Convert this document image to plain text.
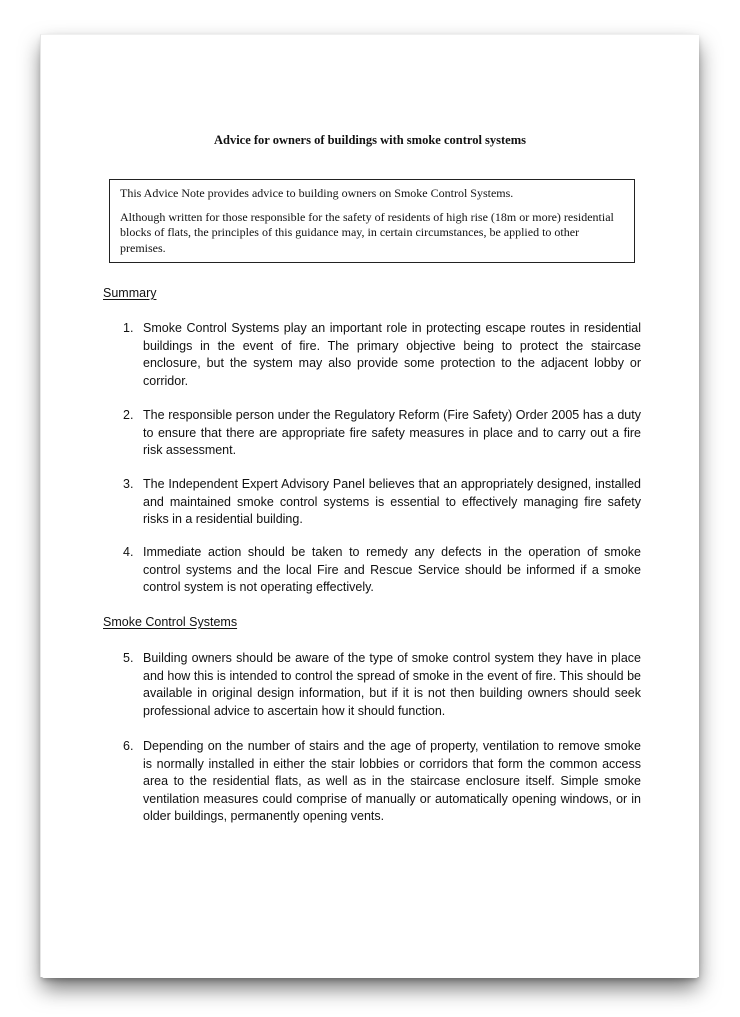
Advice for owners of buildings with smoke control systems

This Advice Note provides advice to building owners on Smoke Control Systems.

Although written for those responsible for the safety of residents of high rise (18m or more) residential blocks of flats, the principles of this guidance may, in certain circumstances, be applied to other premises.

Summary
1. Smoke Control Systems play an important role in protecting escape routes in residential buildings in the event of fire. The primary objective being to protect the staircase enclosure, but the system may also provide some protection to the adjacent lobby or corridor.
2. The responsible person under the Regulatory Reform (Fire Safety) Order 2005 has a duty to ensure that there are appropriate fire safety measures in place and to carry out a fire risk assessment.
3. The Independent Expert Advisory Panel believes that an appropriately designed, installed and maintained smoke control systems is essential to effectively managing fire safety risks in a residential building.
4. Immediate action should be taken to remedy any defects in the operation of smoke control systems and the local Fire and Rescue Service should be informed if a smoke control system is not operating effectively.
Smoke Control Systems
5. Building owners should be aware of the type of smoke control system they have in place and how this is intended to control the spread of smoke in the event of fire. This should be available in original design information, but if it is not then building owners should seek professional advice to ascertain how it should function.
6. Depending on the number of stairs and the age of property, ventilation to remove smoke is normally installed in either the stair lobbies or corridors that form the common access area to the residential flats, as well as in the staircase enclosure itself. Simple smoke ventilation measures could comprise of manually or automatically opening windows, or in older buildings, permanently opening vents.
